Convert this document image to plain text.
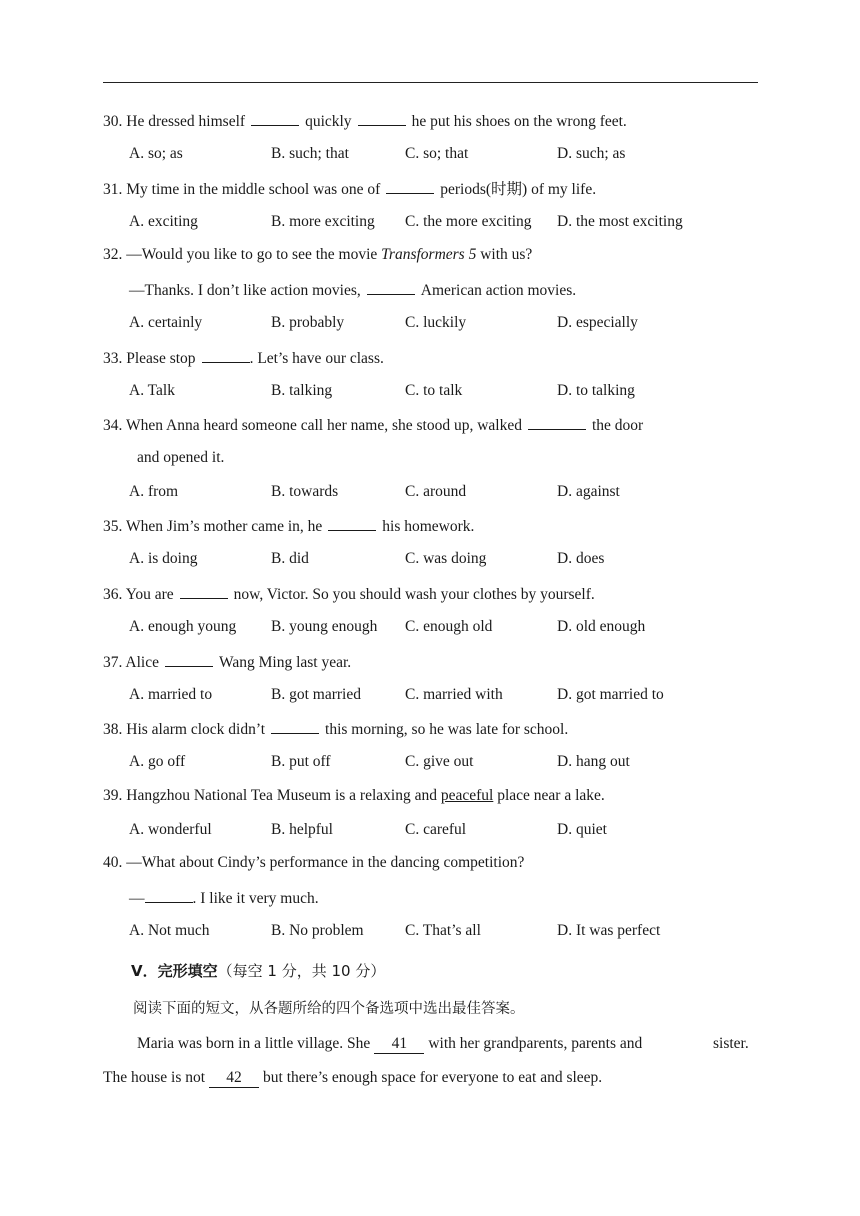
30. He dressed himself	quickly	he put his shoes on the wrong feet.
A. so; as	B. such; that	C. so; that	D. such; as
31. My time in the middle school was one of	periods(时期) of my life.
A. exciting	B. more exciting C. the more exciting D. the most exciting
32. —Would you like to go to see the movie Transformers 5 with us?
—Thanks. I don’t like action movies,	American action movies.
A. certainly	B. probably	C. luckily	D. especially
33. Please stop	. Let’s have our class.
A. Talk	B. talking	C. to talk	D. to talking
34. When Anna heard someone call her name, she stood up, walked	the door
and opened it.
A. from	B. towards	C. around	D. against
35. When Jim’s mother came in, he	his homework.
A. is doing	B. did	C. was doing	D. does
36. You are	now, Victor. So you should wash your clothes by yourself.
A. enough young B. young enough C. enough old	D. old enough
37. Alice	Wang Ming last year.
A. married to	B. got married	C. married with	D. got married to
38. His alarm clock didn’t	this morning, so he was late for school.
A. go off	B. put off	C. give out	D. hang out
39. Hangzhou National Tea Museum is a relaxing and peaceful place near a lake.
A. wonderful	B. helpful	C. careful	D. quiet
40. —What about Cindy’s performance in the dancing competition?
—	. I like it very much.
A. Not much	B. No problem	C. That’s all	D. It was perfect
V．完形填空（每空 1 分，共 10 分）
阅读下面的短文，从各题所给的四个备选项中选出最佳答案。
Maria was born in a little village. She 41 with her grandparents, parents and	sister.
The house is not 42 but there’s enough space for everyone to eat and sleep.
